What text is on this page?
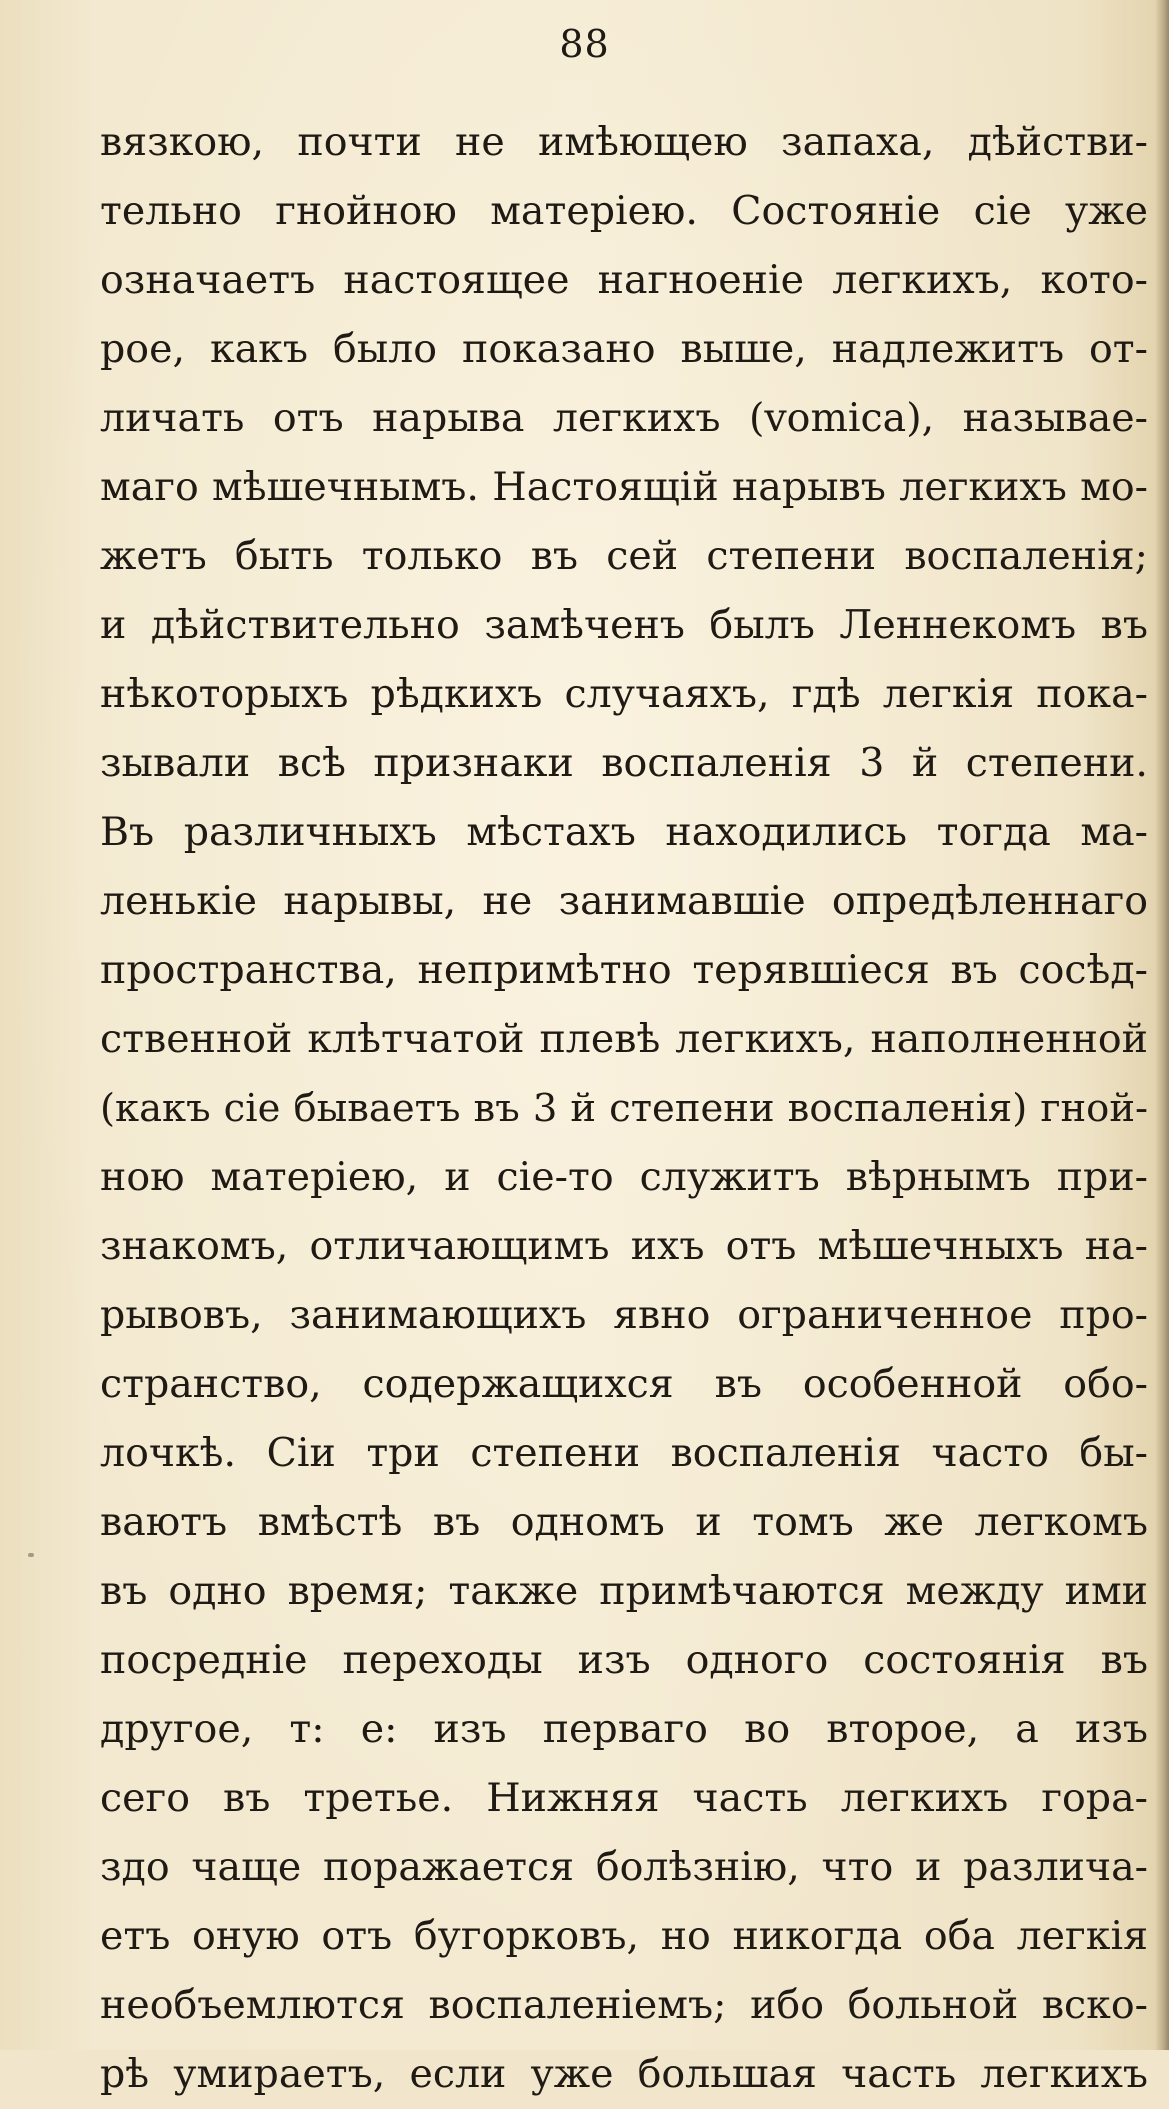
88
вязкою, почти не имѣющею запаха, дѣйстви-
тельно гнойною матеріею. Состояніе сіе уже
означаетъ настоящее нагноеніе легкихъ, кото-
рое, какъ было показано выше, надлежитъ от-
личать отъ нарыва легкихъ (vomica), называе-
маго мѣшечнымъ. Настоящій нарывъ легкихъ мо-
жетъ быть только въ сей степени воспаленія;
и дѣйствительно замѣченъ былъ Леннекомъ въ
нѣкоторыхъ рѣдкихъ случаяхъ, гдѣ легкія пока-
зывали всѣ признаки воспаленія 3 й степени.
Въ различныхъ мѣстахъ находились тогда ма-
ленькіе нарывы, не занимавшіе опредѣленнаго
пространства, непримѣтно терявшіеся въ сосѣд-
ственной клѣтчатой плевѣ легкихъ, наполненной
(какъ сіе бываетъ въ 3 й степени воспаленія) гной-
ною матеріею, и сіе-то служитъ вѣрнымъ при-
знакомъ, отличающимъ ихъ отъ мѣшечныхъ на-
рывовъ, занимающихъ явно ограниченное про-
странство, содержащихся въ особенной обо-
лочкѣ. Сіи три степени воспаленія часто бы-
ваютъ вмѣстѣ въ одномъ и томъ же легкомъ
въ одно время; также примѣчаются между ими
посредніе переходы изъ одного состоянія въ
другое, т: е: изъ перваго во второе, а изъ
сего въ третье. Нижняя часть легкихъ гора-
здо чаще поражается болѣзнію, что и различа-
етъ оную отъ бугорковъ, но никогда оба легкія
необъемлются воспаленіемъ; ибо больной вско-
рѣ умираетъ, если уже большая часть легкихъ
